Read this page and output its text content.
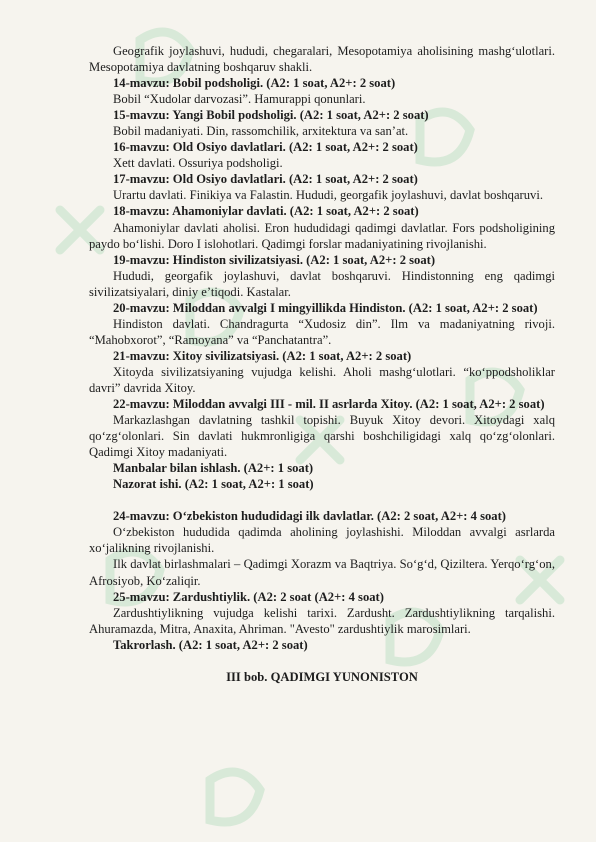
Geografik joylashuvi, hududi, chegaralari, Mesopotamiya aholisining mashg‘ulotlari. Mesopotamiya davlatning boshqaruv shakli.

14-mavzu: Bobil podsholigi. (A2: 1 soat, A2+: 2 soat)

Bobil “Xudolar darvozasi”. Hamurappi qonunlari.

15-mavzu: Yangi Bobil podsholigi. (A2: 1 soat, A2+: 2 soat)

Bobil madaniyati. Din, rassomchilik, arxitektura va san’at.

16-mavzu: Old Osiyo davlatlari. (A2: 1 soat, A2+: 2 soat)

Xett davlati. Ossuriya podsholigi.

17-mavzu: Old Osiyo davlatlari. (A2: 1 soat, A2+: 2 soat)

Urartu davlati. Finikiya va Falastin. Hududi, georgafik joylashuvi, davlat boshqaruvi.

18-mavzu: Ahamoniylar davlati. (A2: 1 soat, A2+: 2 soat)

Ahamoniylar davlati aholisi. Eron hududidagi qadimgi davlatlar. Fors podsholigining paydo bo‘lishi. Doro I islohotlari. Qadimgi forslar madaniyatining rivojlanishi.

19-mavzu: Hindiston sivilizatsiyasi. (A2: 1 soat, A2+: 2 soat)

Hududi, georgafik joylashuvi, davlat boshqaruvi. Hindistonning eng qadimgi sivilizatsiyalari, diniy e’tiqodi. Kastalar.

20-mavzu: Miloddan avvalgi I mingyillikda Hindiston. (A2: 1 soat, A2+: 2 soat)

Hindiston davlati. Chandragurta “Xudosiz din”. Ilm va madaniyatning rivoji. “Mahobxorot”, “Ramoyana” va “Panchatantra”.

21-mavzu: Xitoy sivilizatsiyasi. (A2: 1 soat, A2+: 2 soat)

Xitoyda sivilizatsiyaning vujudga kelishi. Aholi mashg‘ulotlari. “ko‘ppodsholiklar davri” davrida Xitoy.

22-mavzu: Miloddan avvalgi III - mil. II asrlarda Xitoy. (A2: 1 soat, A2+: 2 soat)

Markazlashgan davlatning tashkil topishi. Buyuk Xitoy devori. Xitoydagi xalq qo‘zg‘olonlari. Sin davlati hukmronligiga qarshi boshchiligidagi xalq qo‘zg‘olonlari. Qadimgi Xitoy madaniyati.

Manbalar bilan ishlash. (A2+: 1 soat)

Nazorat ishi. (A2: 1 soat, A2+: 1 soat)

24-mavzu: O‘zbekiston hududidagi ilk davlatlar. (A2: 2 soat, A2+: 4 soat)

O‘zbekiston hududida qadimda aholining joylashishi. Miloddan avvalgi asrlarda xo‘jalikning rivojlanishi.

Ilk davlat birlashmalari – Qadimgi Xorazm va Baqtriya. So‘g‘d, Qiziltera. Yerqo‘rg‘on, Afrosiyob, Ko‘zaliqir.

25-mavzu: Zardushtiylik. (A2: 2 soat (A2+: 4 soat)

Zardushtiylikning vujudga kelishi tarixi. Zardusht. Zardushtiylikning tarqalishi. Ahuramazda, Mitra, Anaxita, Ahriman. "Avesto" zardushtiylik marosimlari.

Takrorlash. (A2: 1 soat, A2+: 2 soat)

III bob. QADIMGI YUNONISTON
